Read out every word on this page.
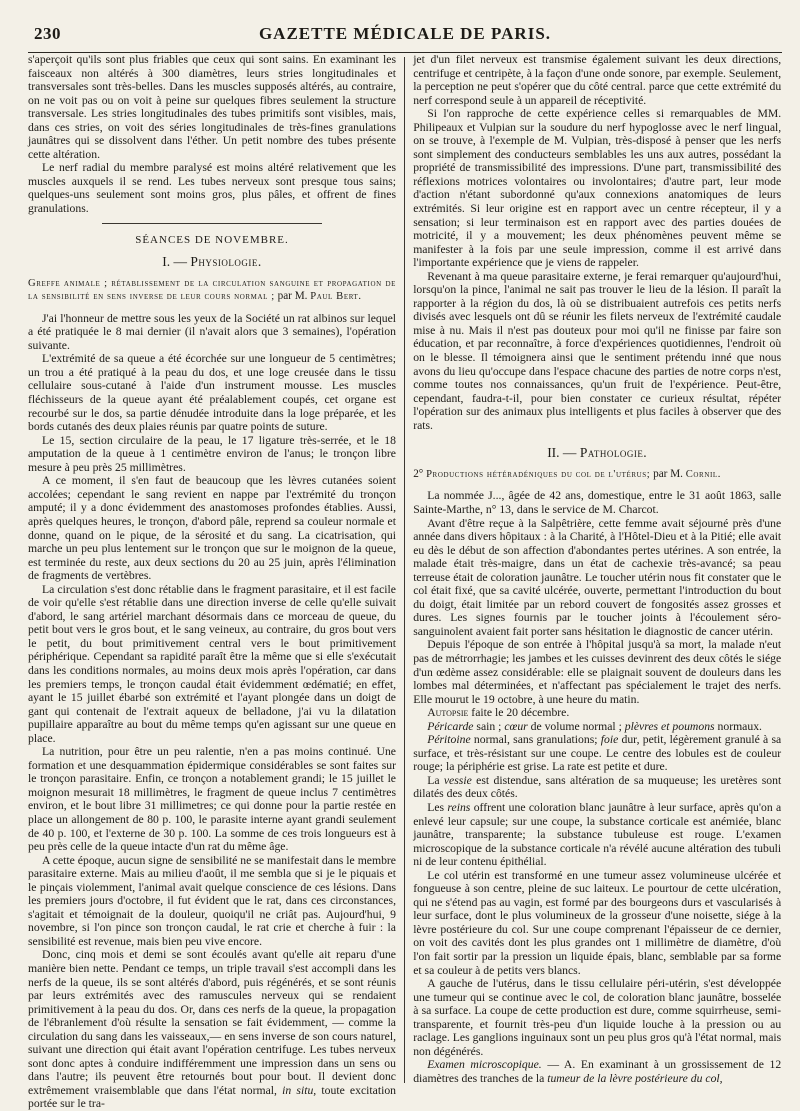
230	GAZETTE MÉDICALE DE PARIS.

s'aperçoit qu'ils sont plus friables que ceux qui sont sains. En examinant les faisceaux non altérés à 300 diamètres, leurs stries longitudinales et transversales sont très-belles. Dans les muscles supposés altérés, au contraire, on ne voit pas ou on voit à peine sur quelques fibres seulement la structure transversale. Les stries longitudinales des tubes primitifs sont visibles, mais, dans ces stries, on voit des séries longitudinales de très-fines granulations jaunâtres qui se dissolvent dans l'éther. Un petit nombre des tubes présente cette altération.

Le nerf radial du membre paralysé est moins altéré relativement que les muscles auxquels il se rend. Les tubes nerveux sont presque tous sains; quelques-uns seulement sont moins gros, plus pâles, et offrent de fines granulations.

SÉANCES DE NOVEMBRE.
I. — Physiologie.

Greffe animale ; rétablissement de la circulation sanguine et propagation de la sensibilité en sens inverse de leur cours normal ; par M. Paul Bert.

J'ai l'honneur de mettre sous les yeux de la Société un rat albinos sur lequel a été pratiquée le 8 mai dernier (il n'avait alors que 3 semaines), l'opération suivante.

L'extrémité de sa queue a été écorchée sur une longueur de 5 centimètres; un trou a été pratiqué à la peau du dos, et une loge creusée dans le tissu cellulaire sous-cutané à l'aide d'un instrument mousse. Les muscles fléchisseurs de la queue ayant été préalablement coupés, cet organe est recourbé sur le dos, sa partie dénudée introduite dans la loge préparée, et les bords cutanés des deux plaies réunis par quatre points de suture.

Le 15, section circulaire de la peau, le 17 ligature très-serrée, et le 18 amputation de la queue à 1 centimètre environ de l'anus; le tronçon libre mesure à peu près 25 millimètres.

A ce moment, il s'en faut de beaucoup que les lèvres cutanées soient accolées; cependant le sang revient en nappe par l'extrémité du tronçon amputé; il y a donc évidemment des anastomoses profondes établies. Aussi, après quelques heures, le tronçon, d'abord pâle, reprend sa couleur normale et donne, quand on le pique, de la sérosité et du sang. La cicatrisation, qui marche un peu plus lentement sur le tronçon que sur le moignon de la queue, est terminée du reste, aux deux sections du 20 au 25 juin, après l'élimination de fragments de vertèbres.

La circulation s'est donc rétablie dans le fragment parasitaire, et il est facile de voir qu'elle s'est rétablie dans une direction inverse de celle qu'elle suivait d'abord, le sang artériel marchant désormais dans ce morceau de queue, du petit bout vers le gros bout, et le sang veineux, au contraire, du gros bout vers le petit, du bout primitivement central vers le bout primitivement périphérique. Cependant sa rapidité paraît être la même que si elle s'exécutait dans les conditions normales, au moins deux mois après l'opération, car dans les premiers temps, le tronçon caudal était évidemment œdématié; en effet, ayant le 15 juillet ébarbé son extrémité et l'ayant plongée dans un doigt de gant qui contenait de l'extrait aqueux de belladone, j'ai vu la dilatation pupillaire apparaître au bout du même temps qu'en agissant sur une queue en place.

La nutrition, pour être un peu ralentie, n'en a pas moins continué. Une formation et une desquammation épidermique considérables se sont faites sur le tronçon parasitaire. Enfin, ce tronçon a notablement grandi; le 15 juillet le moignon mesurait 18 millimètres, le fragment de queue inclus 7 centimètres environ, et le bout libre 31 millimetres; ce qui donne pour la partie restée en place un allongement de 80 p. 100, le parasite interne ayant grandi seulement de 40 p. 100, et l'externe de 30 p. 100. La somme de ces trois longueurs est à peu près celle de la queue intacte d'un rat du même âge.

A cette époque, aucun signe de sensibilité ne se manifestait dans le membre parasitaire externe. Mais au milieu d'août, il me sembla que si je le piquais et le pinçais violemment, l'animal avait quelque conscience de ces lésions. Dans les premiers jours d'octobre, il fut évident que le rat, dans ces circonstances, s'agitait et témoignait de la douleur, quoiqu'il ne criât pas. Aujourd'hui, 9 novembre, si l'on pince son tronçon caudal, le rat crie et cherche à fuir : la sensibilité est revenue, mais bien peu vive encore.

Donc, cinq mois et demi se sont écoulés avant qu'elle ait reparu d'une manière bien nette. Pendant ce temps, un triple travail s'est accompli dans les nerfs de la queue, ils se sont altérés d'abord, puis régénérés, et se sont réunis par leurs extrémités avec des ramuscules nerveux qui se rendaient primitivement à la peau du dos. Or, dans ces nerfs de la queue, la propagation de l'ébranlement d'où résulte la sensation se fait évidemment, — comme la circulation du sang dans les vaisseaux,— en sens inverse de son cours naturel, suivant une direction qui était avant l'opération centrifuge. Les tubes nerveux sont donc aptes à conduire indifféremment une impression dans un sens ou dans l'autre; ils peuvent être retournés bout pour bout. Il devient donc extrêmement vraisemblable que dans l'état normal, in situ, toute excitation portée sur le tra-

jet d'un filet nerveux est transmise également suivant les deux directions, centrifuge et centripète, à la façon d'une onde sonore, par exemple. Seulement, la perception ne peut s'opérer que du côté central. parce que cette extrémité du nerf correspond seule à un appareil de réceptivité.

Si l'on rapproche de cette expérience celles si remarquables de MM. Philipeaux et Vulpian sur la soudure du nerf hypoglosse avec le nerf lingual, on se trouve, à l'exemple de M. Vulpian, très-disposé à penser que les nerfs sont simplement des conducteurs semblables les uns aux autres, possédant la propriété de transmissibilité des impressions. D'une part, transmissibilité des réflexions motrices volontaires ou involontaires; d'autre part, leur mode d'action n'étant subordonné qu'aux connexions anatomiques de leurs extrémités. Si leur origine est en rapport avec un centre récepteur, il y a sensation; si leur terminaison est en rapport avec des parties douées de motricité, il y a mouvement; les deux phénomènes peuvent même se manifester à la fois par une seule impression, comme il est arrivé dans l'importante expérience que je viens de rappeler.

Revenant à ma queue parasitaire externe, je ferai remarquer qu'aujourd'hui, lorsqu'on la pince, l'animal ne sait pas trouver le lieu de la lésion. Il paraît la rapporter à la région du dos, là où se distribuaient autrefois ces petits nerfs divisés avec lesquels ont dû se réunir les filets nerveux de l'extrémité caudale mise à nu. Mais il n'est pas douteux pour moi qu'il ne finisse par faire son éducation, et par reconnaître, à force d'expériences quotidiennes, l'endroit où on le blesse. Il témoignera ainsi que le sentiment prétendu inné que nous avons du lieu qu'occupe dans l'espace chacune des parties de notre corps n'est, comme toutes nos connaissances, qu'un fruit de l'expérience. Peut-être, cependant, faudra-t-il, pour bien constater ce curieux résultat, répéter l'opération sur des animaux plus intelligents et plus faciles à observer que des rats.

II. — Pathologie.

2° Productions hétéradéniques du col de l'utérus; par M. Cornil.

La nommée J..., âgée de 42 ans, domestique, entre le 31 août 1863, salle Sainte-Marthe, n° 13, dans le service de M. Charcot.

Avant d'être reçue à la Salpêtrière, cette femme avait séjourné près d'une année dans divers hôpitaux : à la Charité, à l'Hôtel-Dieu et à la Pitié; elle avait eu dès le début de son affection d'abondantes pertes utérines. A son entrée, la malade était très-maigre, dans un état de cachexie très-avancé; sa peau terreuse était de coloration jaunâtre. Le toucher utérin nous fit constater que le col était fixé, que sa cavité ulcérée, ouverte, permettant l'introduction du bout du doigt, était limitée par un rebord couvert de fongosités assez grosses et dures. Les signes fournis par le toucher joints à l'écoulement séro-sanguinolent avaient fait porter sans hésitation le diagnostic de cancer utérin.

Depuis l'époque de son entrée à l'hôpital jusqu'à sa mort, la malade n'eut pas de métrorrhagie; les jambes et les cuisses devinrent des deux côtés le siége d'un œdème assez considérable: elle se plaignait souvent de douleurs dans les lombes mal déterminées, et n'affectant pas spécialement le trajet des nerfs. Elle mourut le 19 octobre, à une heure du matin.

Autopsie faite le 20 décembre.

Péricarde sain ; cœur de volume normal ; plèvres et poumons normaux.

Péritoine normal, sans granulations; foie dur, petit, légèrement granulé à sa surface, et très-résistant sur une coupe. Le centre des lobules est de couleur rouge; la périphérie est grise. La rate est petite et dure.

La vessie est distendue, sans altération de sa muqueuse; les uretères sont dilatés des deux côtés.

Les reins offrent une coloration blanc jaunâtre à leur surface, après qu'on a enlevé leur capsule; sur une coupe, la substance corticale est anémiée, blanc jaunâtre, transparente; la substance tubuleuse est rouge. L'examen microscopique de la substance corticale n'a révélé aucune altération des tubuli ni de leur contenu épithélial.

Le col utérin est transformé en une tumeur assez volumineuse ulcérée et fongueuse à son centre, pleine de suc laiteux. Le pourtour de cette ulcération, qui ne s'étend pas au vagin, est formé par des bourgeons durs et vascularisés à leur surface, dont le plus volumineux de la grosseur d'une noisette, siége à la lèvre postérieure du col. Sur une coupe comprenant l'épaisseur de ce dernier, on voit des cavités dont les plus grandes ont 1 millimètre de diamètre, d'où l'on fait sortir par la pression un liquide épais, blanc, semblable par sa forme et sa couleur à de petits vers blancs.

A gauche de l'utérus, dans le tissu cellulaire péri-utérin, s'est développée une tumeur qui se continue avec le col, de coloration blanc jaunâtre, bosselée à sa surface. La coupe de cette production est dure, comme squirrheuse, semi-transparente, et fournit très-peu d'un liquide louche à la pression ou au raclage. Les ganglions inguinaux sont un peu plus gros qu'à l'état normal, mais non dégénérés.

Examen microscopique. — A. En examinant à un grossissement de 12 diamètres des tranches de la tumeur de la lèvre postérieure du col,
